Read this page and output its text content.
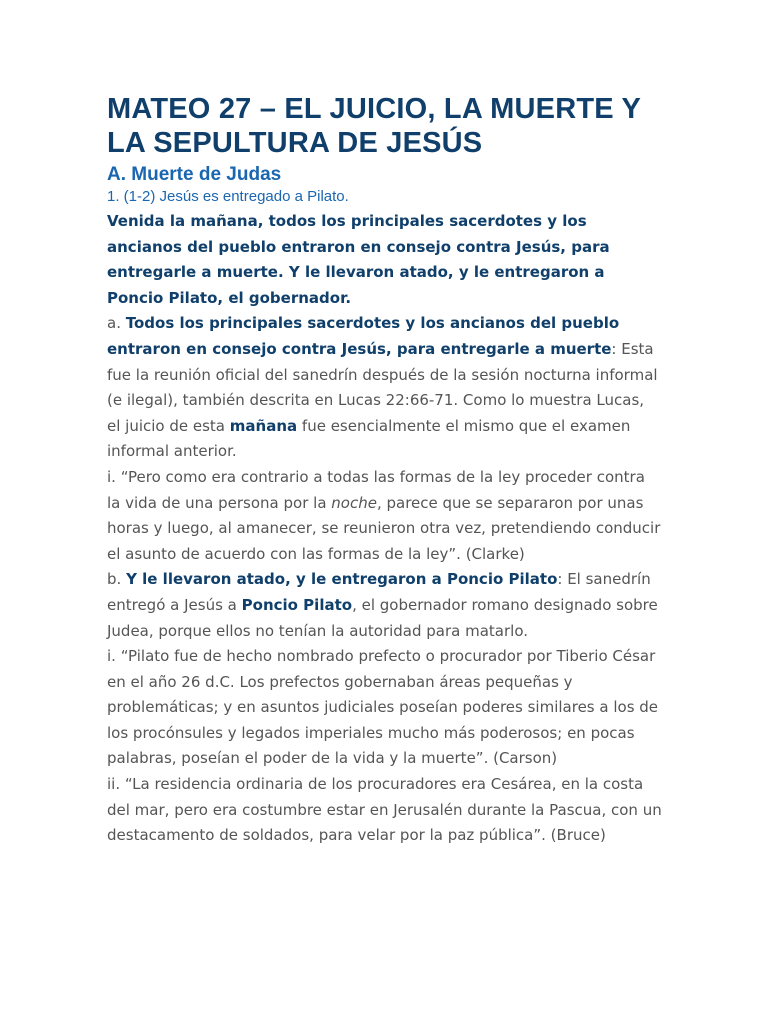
MATEO 27 – EL JUICIO, LA MUERTE Y LA SEPULTURA DE JESÚS
A. Muerte de Judas

1. (1-2) Jesús es entregado a Pilato.

Venida la mañana, todos los principales sacerdotes y los ancianos del pueblo entraron en consejo contra Jesús, para entregarle a muerte. Y le llevaron atado, y le entregaron a Poncio Pilato, el gobernador.

a. Todos los principales sacerdotes y los ancianos del pueblo entraron en consejo contra Jesús, para entregarle a muerte: Esta fue la reunión oficial del sanedrín después de la sesión nocturna informal (e ilegal), también descrita en Lucas 22:66-71. Como lo muestra Lucas, el juicio de esta mañana fue esencialmente el mismo que el examen informal anterior.

i. “Pero como era contrario a todas las formas de la ley proceder contra la vida de una persona por la noche, parece que se separaron por unas horas y luego, al amanecer, se reunieron otra vez, pretendiendo conducir el asunto de acuerdo con las formas de la ley”. (Clarke)

b. Y le llevaron atado, y le entregaron a Poncio Pilato: El sanedrín entregó a Jesús a Poncio Pilato, el gobernador romano designado sobre Judea, porque ellos no tenían la autoridad para matarlo.

i. “Pilato fue de hecho nombrado prefecto o procurador por Tiberio César en el año 26 d.C. Los prefectos gobernaban áreas pequeñas y problemáticas; y en asuntos judiciales poseían poderes similares a los de los procónsules y legados imperiales mucho más poderosos; en pocas palabras, poseían el poder de la vida y la muerte”. (Carson)

ii. “La residencia ordinaria de los procuradores era Cesárea, en la costa del mar, pero era costumbre estar en Jerusalén durante la Pascua, con un destacamento de soldados, para velar por la paz pública”. (Bruce)
